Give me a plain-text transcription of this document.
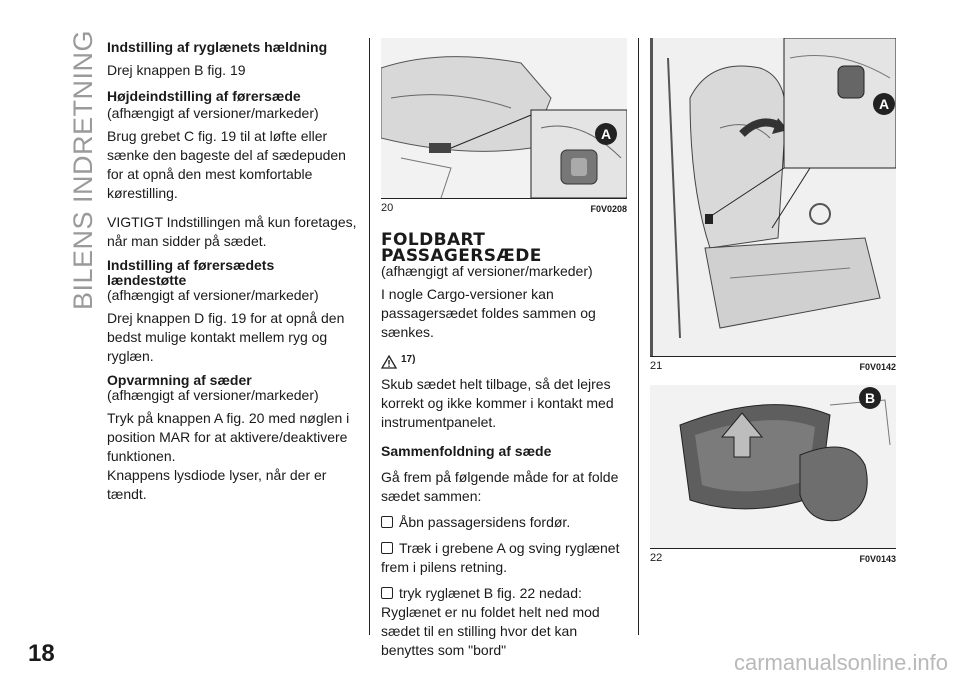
BILENS INDRETNING Indstilling af ryglænets hældning

Drej knappen B fig. 19

Højdeindstilling af førersæde
(afhængigt af versioner/markeder)

Brug grebet C fig. 19 til at løfte eller sænke den bageste del af sædepuden for at opnå den mest komfortable kørestilling.

VIGTIGT Indstillingen må kun foretages, når man sidder på sædet.

Indstilling af førersædets lændestøtte
(afhængigt af versioner/markeder)

Drej knappen D fig. 19 for at opnå den bedst mulige kontakt mellem ryg og ryglæn.

Opvarmning af sæder
(afhængigt af versioner/markeder)

Tryk på knappen A fig. 20 med nøglen i position MAR for at aktivere/deaktivere funktionen.

Knappens lysdiode lyser, når der er tændt.

A
20	F0V0208
FOLDBART
PASSAGERSÆDE

(afhængigt af versioner/markeder)

I nogle Cargo-versioner kan passagersædet foldes sammen og sænkes.

17)

Skub sædet helt tilbage, så det lejres korrekt og ikke kommer i kontakt med instrumentpanelet.

Sammenfoldning af sæde

Gå frem på følgende måde for at folde sædet sammen:

Åbn passagersidens fordør.

Træk i grebene A og sving ryglænet frem i pilens retning.

tryk ryglænet B fig. 22 nedad: Ryglænet er nu foldet helt ned mod sædet til en stilling hvor det kan benyttes som "bord"

A
21	F0V0142
B
22	F0V0143
18	carmanualsonline.info
